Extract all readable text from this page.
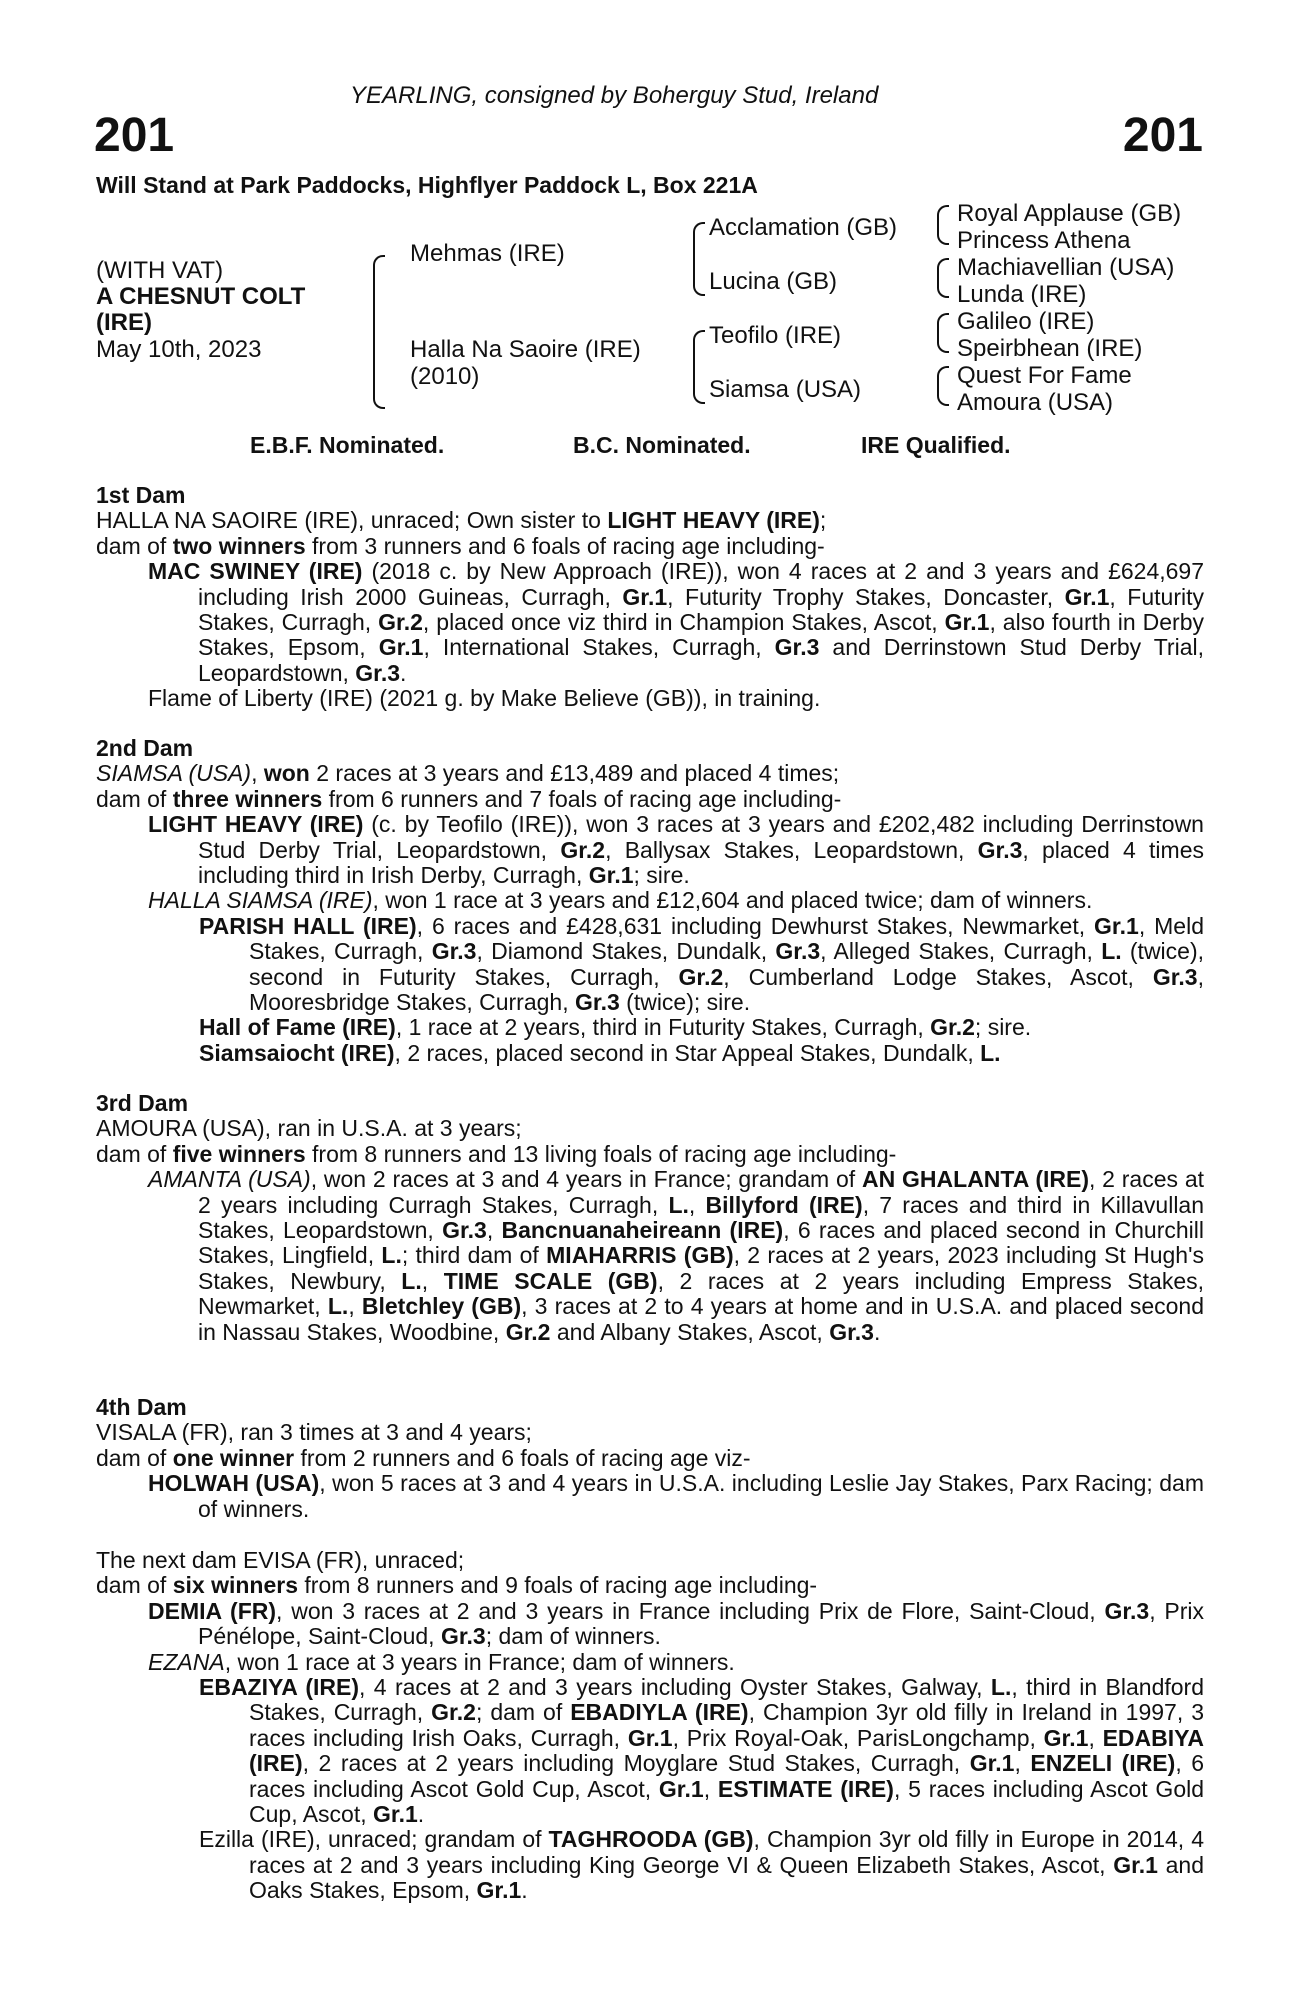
YEARLING, consigned by Boherguy Stud, Ireland
201	201
Will Stand at Park Paddocks, Highflyer Paddock L, Box 221A
(WITH VAT)
A CHESNUT COLT
(IRE)
May 10th, 2023
Mehmas (IRE)
Halla Na Saoire (IRE)
(2010)
Acclamation (GB)
Lucina (GB)
Teofilo (IRE)
Siamsa (USA)
Royal Applause (GB)
Princess Athena
Machiavellian (USA)
Lunda (IRE)
Galileo (IRE)
Speirbhean (IRE)
Quest For Fame
Amoura (USA)
E.B.F. Nominated.	B.C. Nominated.	IRE Qualified.

1st Dam

HALLA NA SAOIRE (IRE), unraced; Own sister to LIGHT HEAVY (IRE);

dam of two winners from 3 runners and 6 foals of racing age including-

MAC SWINEY (IRE) (2018 c. by New Approach (IRE)), won 4 races at 2 and 3 years and £624,697 including Irish 2000 Guineas, Curragh, Gr.1, Futurity Trophy Stakes, Doncaster, Gr.1, Futurity Stakes, Curragh, Gr.2, placed once viz third in Champion Stakes, Ascot, Gr.1, also fourth in Derby Stakes, Epsom, Gr.1, International Stakes, Curragh, Gr.3 and Derrinstown Stud Derby Trial, Leopardstown, Gr.3.

Flame of Liberty (IRE) (2021 g. by Make Believe (GB)), in training.

2nd Dam

SIAMSA (USA), won 2 races at 3 years and £13,489 and placed 4 times;

dam of three winners from 6 runners and 7 foals of racing age including-

LIGHT HEAVY (IRE) (c. by Teofilo (IRE)), won 3 races at 3 years and £202,482 including Derrinstown Stud Derby Trial, Leopardstown, Gr.2, Ballysax Stakes, Leopardstown, Gr.3, placed 4 times including third in Irish Derby, Curragh, Gr.1; sire.

HALLA SIAMSA (IRE), won 1 race at 3 years and £12,604 and placed twice; dam of winners.

PARISH HALL (IRE), 6 races and £428,631 including Dewhurst Stakes, Newmarket, Gr.1, Meld Stakes, Curragh, Gr.3, Diamond Stakes, Dundalk, Gr.3, Alleged Stakes, Curragh, L. (twice), second in Futurity Stakes, Curragh, Gr.2, Cumberland Lodge Stakes, Ascot, Gr.3, Mooresbridge Stakes, Curragh, Gr.3 (twice); sire.

Hall of Fame (IRE), 1 race at 2 years, third in Futurity Stakes, Curragh, Gr.2; sire.

Siamsaiocht (IRE), 2 races, placed second in Star Appeal Stakes, Dundalk, L.

3rd Dam

AMOURA (USA), ran in U.S.A. at 3 years;

dam of five winners from 8 runners and 13 living foals of racing age including-

AMANTA (USA), won 2 races at 3 and 4 years in France; grandam of AN GHALANTA (IRE), 2 races at 2 years including Curragh Stakes, Curragh, L., Billyford (IRE), 7 races and third in Killavullan Stakes, Leopardstown, Gr.3, Bancnuanaheireann (IRE), 6 races and placed second in Churchill Stakes, Lingfield, L.; third dam of MIAHARRIS (GB), 2 races at 2 years, 2023 including St Hugh's Stakes, Newbury, L., TIME SCALE (GB), 2 races at 2 years including Empress Stakes, Newmarket, L., Bletchley (GB), 3 races at 2 to 4 years at home and in U.S.A. and placed second in Nassau Stakes, Woodbine, Gr.2 and Albany Stakes, Ascot, Gr.3.

4th Dam

VISALA (FR), ran 3 times at 3 and 4 years;

dam of one winner from 2 runners and 6 foals of racing age viz-

HOLWAH (USA), won 5 races at 3 and 4 years in U.S.A. including Leslie Jay Stakes, Parx Racing; dam of winners.

The next dam EVISA (FR), unraced;

dam of six winners from 8 runners and 9 foals of racing age including-

DEMIA (FR), won 3 races at 2 and 3 years in France including Prix de Flore, Saint-Cloud, Gr.3, Prix Pénélope, Saint-Cloud, Gr.3; dam of winners.

EZANA, won 1 race at 3 years in France; dam of winners.

EBAZIYA (IRE), 4 races at 2 and 3 years including Oyster Stakes, Galway, L., third in Blandford Stakes, Curragh, Gr.2; dam of EBADIYLA (IRE), Champion 3yr old filly in Ireland in 1997, 3 races including Irish Oaks, Curragh, Gr.1, Prix Royal-Oak, ParisLongchamp, Gr.1, EDABIYA (IRE), 2 races at 2 years including Moyglare Stud Stakes, Curragh, Gr.1, ENZELI (IRE), 6 races including Ascot Gold Cup, Ascot, Gr.1, ESTIMATE (IRE), 5 races including Ascot Gold Cup, Ascot, Gr.1.

Ezilla (IRE), unraced; grandam of TAGHROODA (GB), Champion 3yr old filly in Europe in 2014, 4 races at 2 and 3 years including King George VI & Queen Elizabeth Stakes, Ascot, Gr.1 and Oaks Stakes, Epsom, Gr.1.
